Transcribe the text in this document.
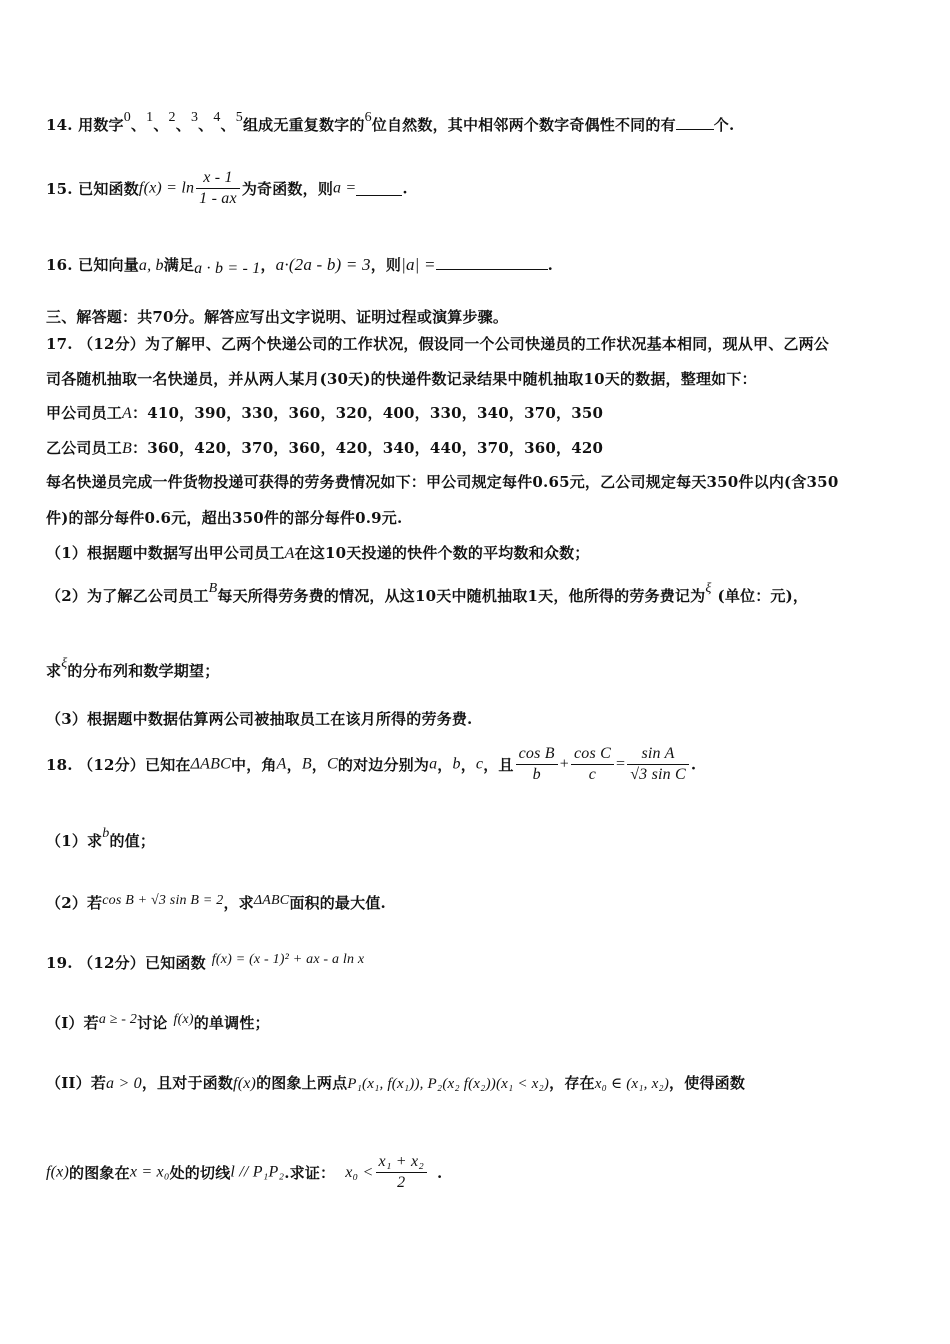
14. 用数字0、1、2、3、4、5组成无重复数字的6位自然数，其中相邻两个数字奇偶性不同的有	个.
15. 已知函数$f(x) = \ln \frac{x - 1}{1 - ax}$ 为奇函数，则a =	.
16. 已知向量a, b满足a · b = - 1，a·(2a - b) = 3，则|a| =	.
三、解答题：共70分。解答应写出文字说明、证明过程或演算步骤。
17. （12分）为了解甲、乙两个快递公司的工作状况，假设同一个公司快递员的工作状况基本相同，现从甲、乙两公
司各随机抽取一名快递员，并从两人某月(30天)的快递件数记录结果中随机抽取10天的数据，整理如下：
甲公司员工A：410，390，330，360，320，400，330，340，370，350
乙公司员工B：360，420，370，360，420，340，440，370，360，420
每名快递员完成一件货物投递可获得的劳务费情况如下：甲公司规定每件0.65元，乙公司规定每天350件以内(含350
件)的部分每件0.6元，超出350件的部分每件0.9元.
（1）根据题中数据写出甲公司员工A在这10天投递的快件个数的平均数和众数；
（2）为了解乙公司员工B每天所得劳务费的情况，从这10天中随机抽取1天，他所得的劳务费记为ξ (单位：元)，
求ξ的分布列和数学期望；
（3）根据题中数据估算两公司被抽取员工在该月所得的劳务费.
18. （12分）已知在ΔABC中，角A，B，C的对边分别为a，b，c，且 $\frac{\text{cos B}}{b} + \frac{\text{cos C}}{c} = \frac{\text{sin A}}{\text{√3 sin C}}$ .
（1）求b的值；
（2）若cos B + √3 sin B = 2，求ΔABC面积的最大值.
19. （12分）已知函数 f(x) = (x - 1)² + ax - a ln x
（I）若a ≥ - 2讨论 f(x)的单调性；
（II）若a > 0，且对于函数f(x)的图象上两点P₁(x₁, f(x₁)), P₂(x₂ f(x₂))(x₁ < x₂)，存在x₀ ∈ (x₁, x₂)，使得函数
f(x)的图象在x = x₀处的切线l // P₁P₂.求证： $x_0 < \frac{\text{x₁ + x₂}}{2}$ .
